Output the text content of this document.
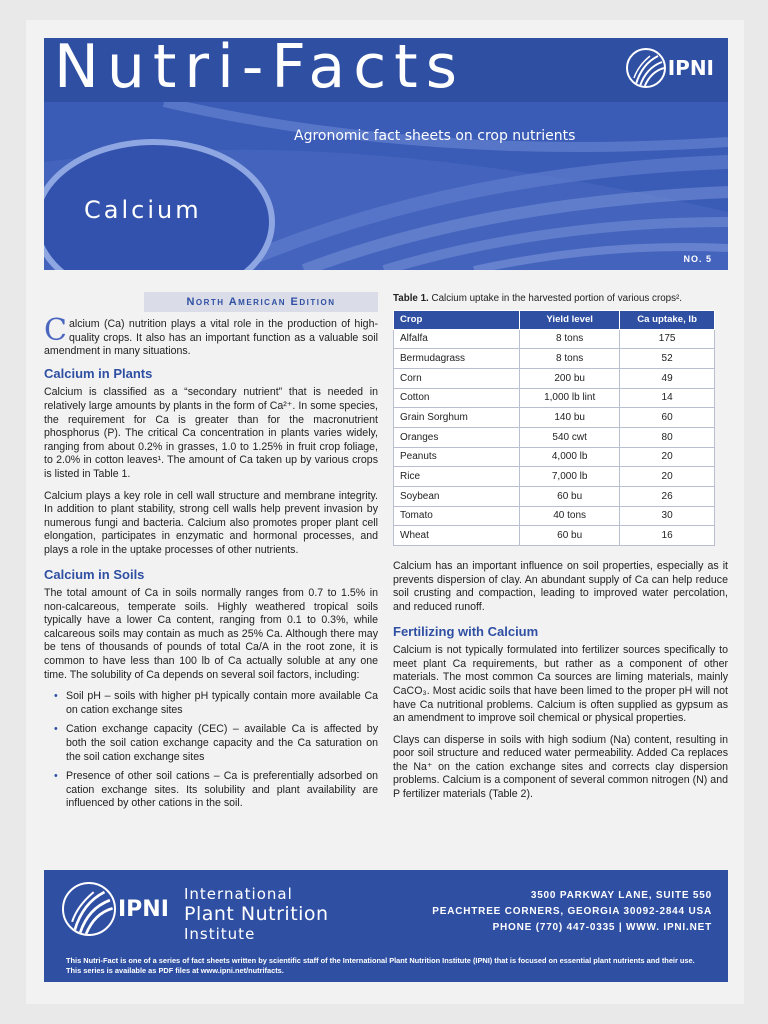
Nutri-Facts	IPNI
Agronomic fact sheets on crop nutrients
Calcium
NO. 5
North American Edition

Calcium (Ca) nutrition plays a vital role in the production of high-quality crops. It also has an important function as a valuable soil amendment in many situations.

Calcium in Plants

Calcium is classified as a “secondary nutrient” that is needed in relatively large amounts by plants in the form of Ca²⁺. In some species, the requirement for Ca is greater than for the macronutrient phosphorus (P). The critical Ca concentration in plants varies widely, ranging from about 0.2% in grasses, 1.0 to 1.25% in fruit crop foliage, to 2.0% in cotton leaves¹. The amount of Ca taken up by various crops is listed in Table 1.

Calcium plays a key role in cell wall structure and membrane integrity. In addition to plant stability, strong cell walls help prevent invasion by numerous fungi and bacteria. Calcium also promotes proper plant cell elongation, participates in enzymatic and hormonal processes, and plays a role in the uptake processes of other nutrients.

Calcium in Soils

The total amount of Ca in soils normally ranges from 0.7 to 1.5% in non-calcareous, temperate soils. Highly weathered tropical soils typically have a lower Ca content, ranging from 0.1 to 0.3%, while calcareous soils may contain as much as 25% Ca. Although there may be tens of thousands of pounds of total Ca/A in the root zone, it is common to have less than 100 lb of Ca actually soluble at any one time. The solubility of Ca depends on several soil factors, including:

• Soil pH – soils with higher pH typically contain more available Ca on cation exchange sites
• Cation exchange capacity (CEC) – available Ca is affected by both the soil cation exchange capacity and the Ca saturation on the soil cation exchange sites
• Presence of other soil cations – Ca is preferentially adsorbed on cation exchange sites. Its solubility and plant availability are influenced by other cations in the soil.
Table 1. Calcium uptake in the harvested portion of various crops².
Crop	Yield level	Ca uptake, lb
Alfalfa	8 tons	175
Bermudagrass	8 tons	52
Corn	200 bu	49
Cotton	1,000 lb lint	14
Grain Sorghum	140 bu	60
Oranges	540 cwt	80
Peanuts	4,000 lb	20
Rice	7,000 lb	20
Soybean	60 bu	26
Tomato	40 tons	30
Wheat	60 bu	16

Calcium has an important influence on soil properties, especially as it prevents dispersion of clay. An abundant supply of Ca can help reduce soil crusting and compaction, leading to improved water percolation, and reduced runoff.

Fertilizing with Calcium

Calcium is not typically formulated into fertilizer sources specifically to meet plant Ca requirements, but rather as a component of other materials. The most common Ca sources are liming materials, mainly CaCO₃. Most acidic soils that have been limed to the proper pH will not have Ca nutritional problems. Calcium is often supplied as gypsum as an amendment to improve soil chemical or physical properties.

Clays can disperse in soils with high sodium (Na) content, resulting in poor soil structure and reduced water permeability. Added Ca replaces the Na⁺ on the cation exchange sites and corrects clay dispersion problems. Calcium is a component of several common nitrogen (N) and P fertilizer materials (Table 2).

IPNI
International
Plant Nutrition
Institute
3500 PARKWAY LANE, SUITE 550
PEACHTREE CORNERS, GEORGIA 30092-2844 USA
PHONE (770) 447-0335 | WWW. IPNI.NET
This Nutri-Fact is one of a series of fact sheets written by scientific staff of the International Plant Nutrition Institute (IPNI) that is focused on essential plant nutrients and their use. This series is available as PDF files at www.ipni.net/nutrifacts.
